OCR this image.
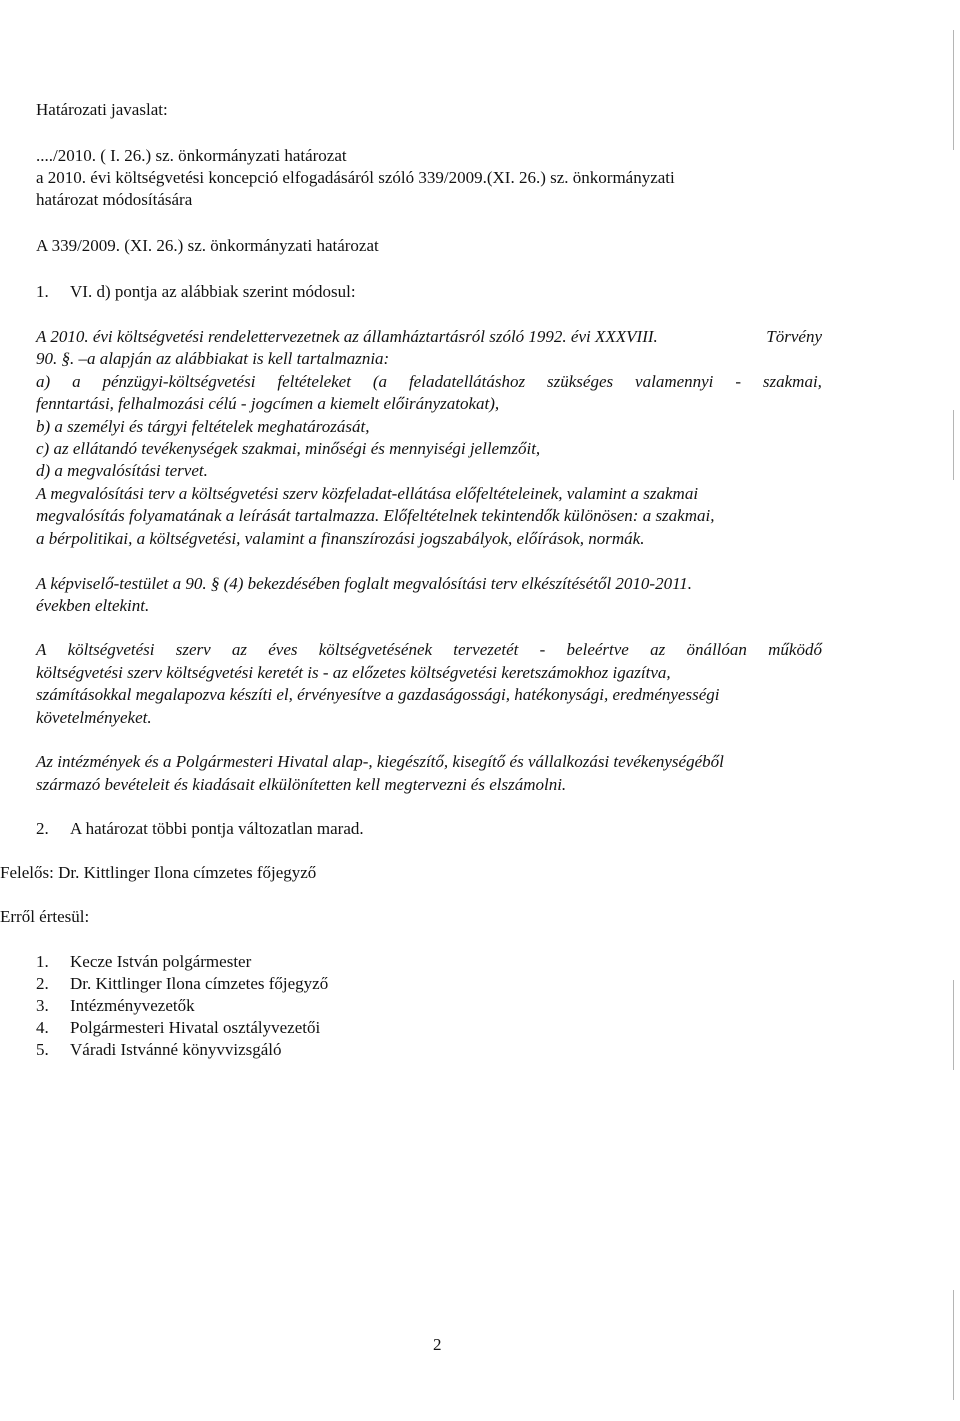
Határozati javaslat:
..../2010. ( I. 26.) sz. önkormányzati határozat
a 2010. évi költségvetési koncepció elfogadásáról szóló 339/2009.(XI. 26.) sz. önkormányzati
határozat módosítására
A 339/2009. (XI. 26.) sz. önkormányzati határozat
1. VI. d) pontja az alábbiak szerint módosul:
A 2010. évi költségvetési rendelettervezetnek az államháztartásról szóló 1992. évi XXXVIII.	Törvény
90. §. –a alapján az alábbiakat is kell tartalmaznia:
a) a pénzügyi-költségvetési feltételeket (a feladatellátáshoz szükséges valamennyi - szakmai,
fenntartási, felhalmozási célú - jogcímen a kiemelt előirányzatokat),
b) a személyi és tárgyi feltételek meghatározását,
c) az ellátandó tevékenységek szakmai, minőségi és mennyiségi jellemzőit,
d) a megvalósítási tervet.
A megvalósítási terv a költségvetési szerv közfeladat-ellátása előfeltételeinek, valamint a szakmai
megvalósítás folyamatának a leírását tartalmazza. Előfeltételnek tekintendők különösen: a szakmai,
a bérpolitikai, a költségvetési, valamint a finanszírozási jogszabályok, előírások, normák.
A képviselő-testület a 90. § (4) bekezdésében foglalt megvalósítási terv elkészítésétől 2010-2011.
években eltekint.
A költségvetési szerv az éves költségvetésének tervezetét - beleértve az önállóan működő
költségvetési szerv költségvetési keretét is - az előzetes költségvetési keretszámokhoz igazítva,
számításokkal megalapozva készíti el, érvényesítve a gazdaságossági, hatékonysági, eredményességi
követelményeket.
Az intézmények és a Polgármesteri Hivatal alap-, kiegészítő, kisegítő és vállalkozási tevékenységéből
származó bevételeit és kiadásait elkülönítetten kell megtervezni és elszámolni.
2. A határozat többi pontja változatlan marad.
Felelős: Dr. Kittlinger Ilona címzetes főjegyző
Erről értesül:
1. Kecze István polgármester
2. Dr. Kittlinger Ilona címzetes főjegyző
3. Intézményvezetők
4. Polgármesteri Hivatal osztályvezetői
5. Váradi Istvánné könyvvizsgáló
2
